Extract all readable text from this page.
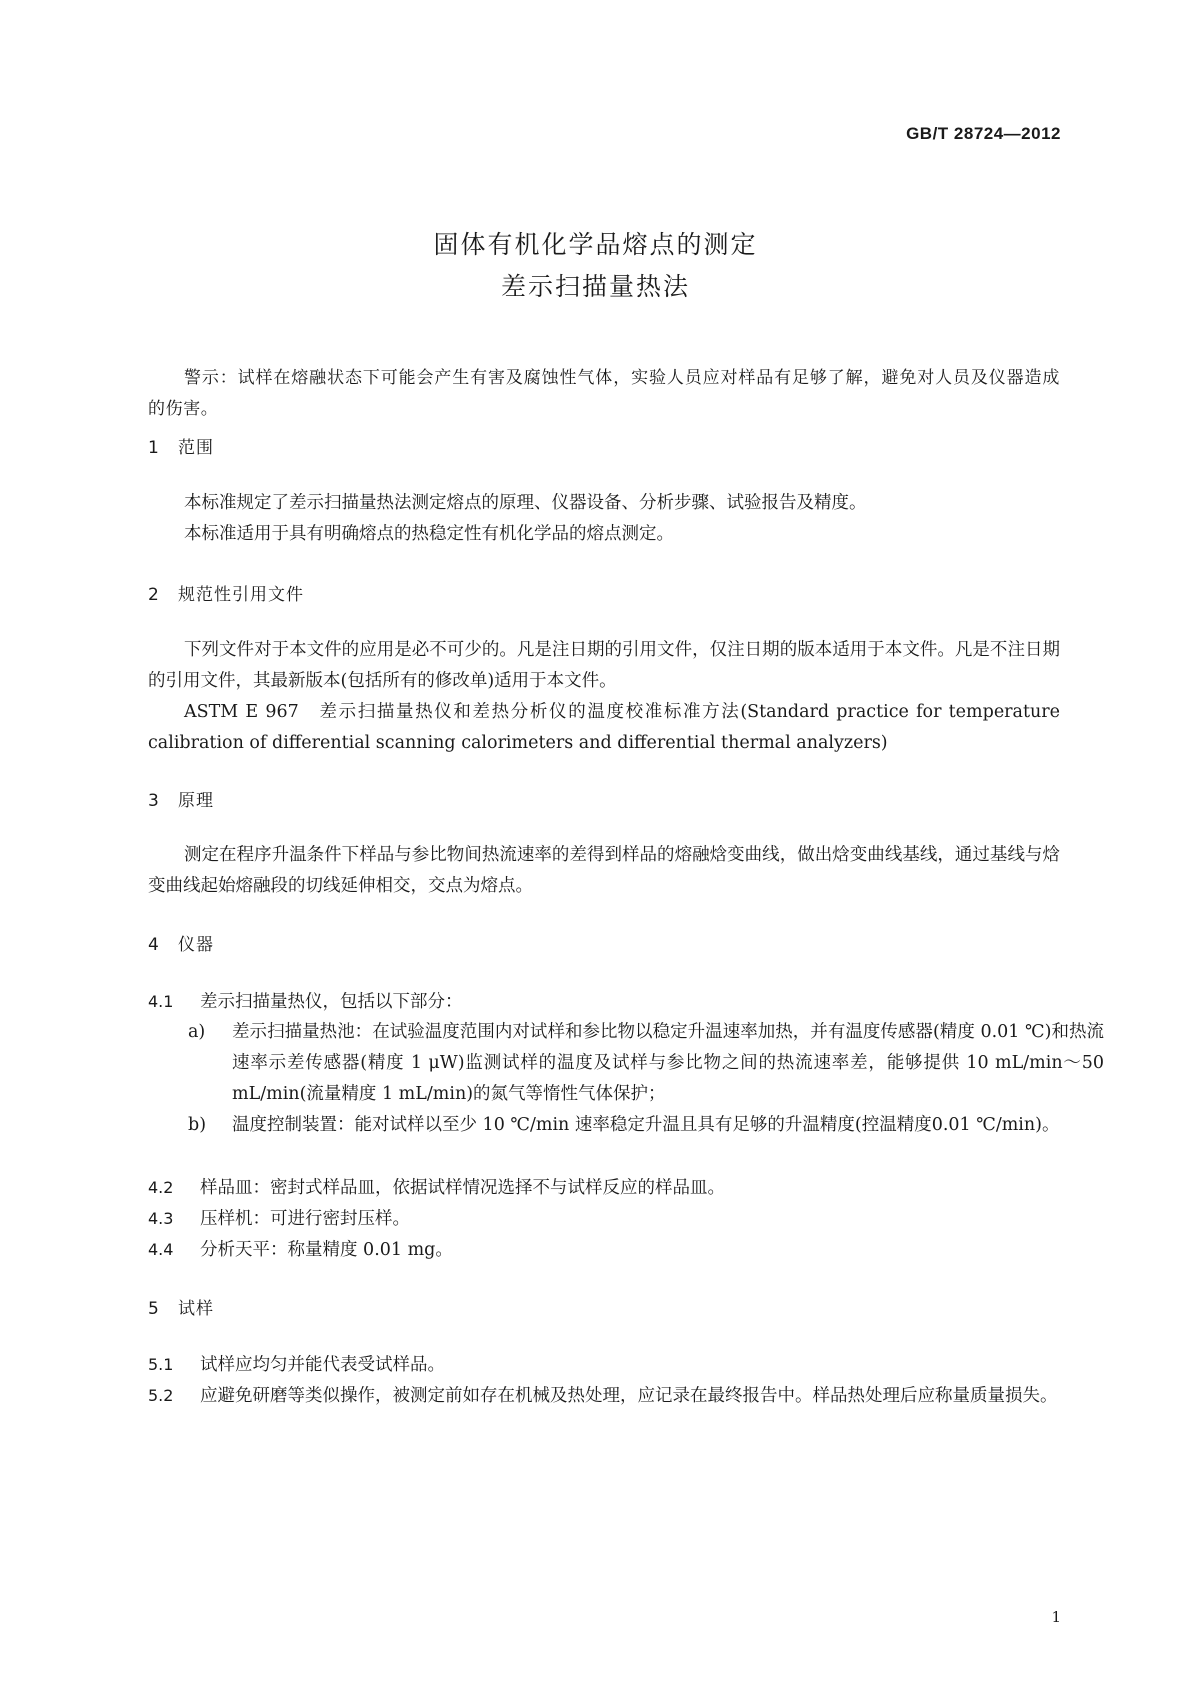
GB/T 28724—2012
固体有机化学品熔点的测定
差示扫描量热法
警示：试样在熔融状态下可能会产生有害及腐蚀性气体，实验人员应对样品有足够了解，避免对人员及仪器造成的伤害。
1 范围
本标准规定了差示扫描量热法测定熔点的原理、仪器设备、分析步骤、试验报告及精度。
本标准适用于具有明确熔点的热稳定性有机化学品的熔点测定。
2 规范性引用文件
下列文件对于本文件的应用是必不可少的。凡是注日期的引用文件，仅注日期的版本适用于本文件。凡是不注日期的引用文件，其最新版本(包括所有的修改单)适用于本文件。
ASTM E 967　差示扫描量热仪和差热分析仪的温度校准标准方法(Standard practice for temperature calibration of differential scanning calorimeters and differential thermal analyzers)
3 原理
测定在程序升温条件下样品与参比物间热流速率的差得到样品的熔融焓变曲线，做出焓变曲线基线，通过基线与焓变曲线起始熔融段的切线延伸相交，交点为熔点。
4 仪器
4.1 差示扫描量热仪，包括以下部分：
a) 差示扫描量热池：在试验温度范围内对试样和参比物以稳定升温速率加热，并有温度传感器(精度 0.01 ℃)和热流速率示差传感器(精度 1 μW)监测试样的温度及试样与参比物之间的热流速率差，能够提供 10 mL/min～50 mL/min(流量精度 1 mL/min)的氮气等惰性气体保护；
b) 温度控制装置：能对试样以至少 10 ℃/min 速率稳定升温且具有足够的升温精度(控温精度0.01 ℃/min)。
4.2 样品皿：密封式样品皿，依据试样情况选择不与试样反应的样品皿。
4.3 压样机：可进行密封压样。
4.4 分析天平：称量精度 0.01 mg。
5 试样
5.1 试样应均匀并能代表受试样品。
5.2 应避免研磨等类似操作，被测定前如存在机械及热处理，应记录在最终报告中。样品热处理后应称量质量损失。
1
